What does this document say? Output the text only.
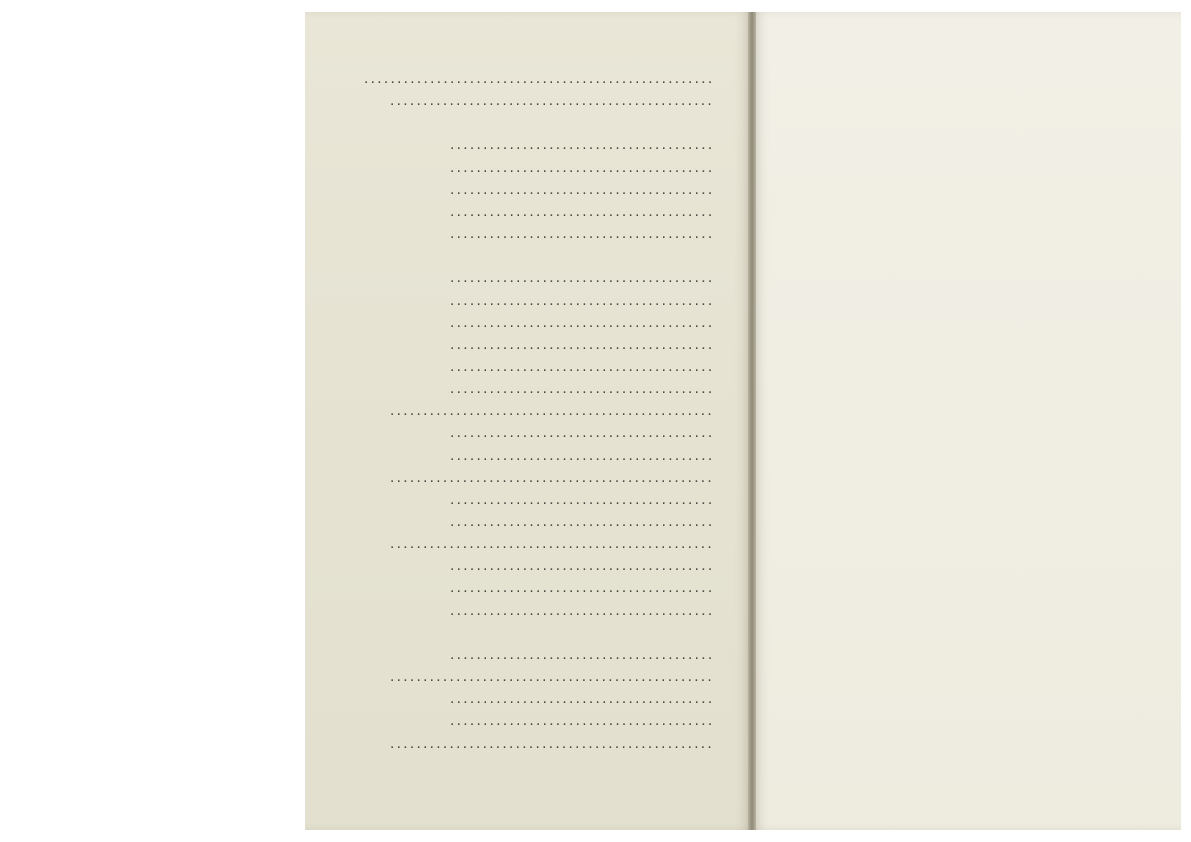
. . .
. . .
. . .
. . .
. . .
. . .
. . .
. . .
. . .
. . .
. . .
. . .
. . .
. . .
. . .
. . .
. . .
. . .
. . .
. . .
. . .
. . .
. . .
. . .
. . .
. . .
. . .
. . .
